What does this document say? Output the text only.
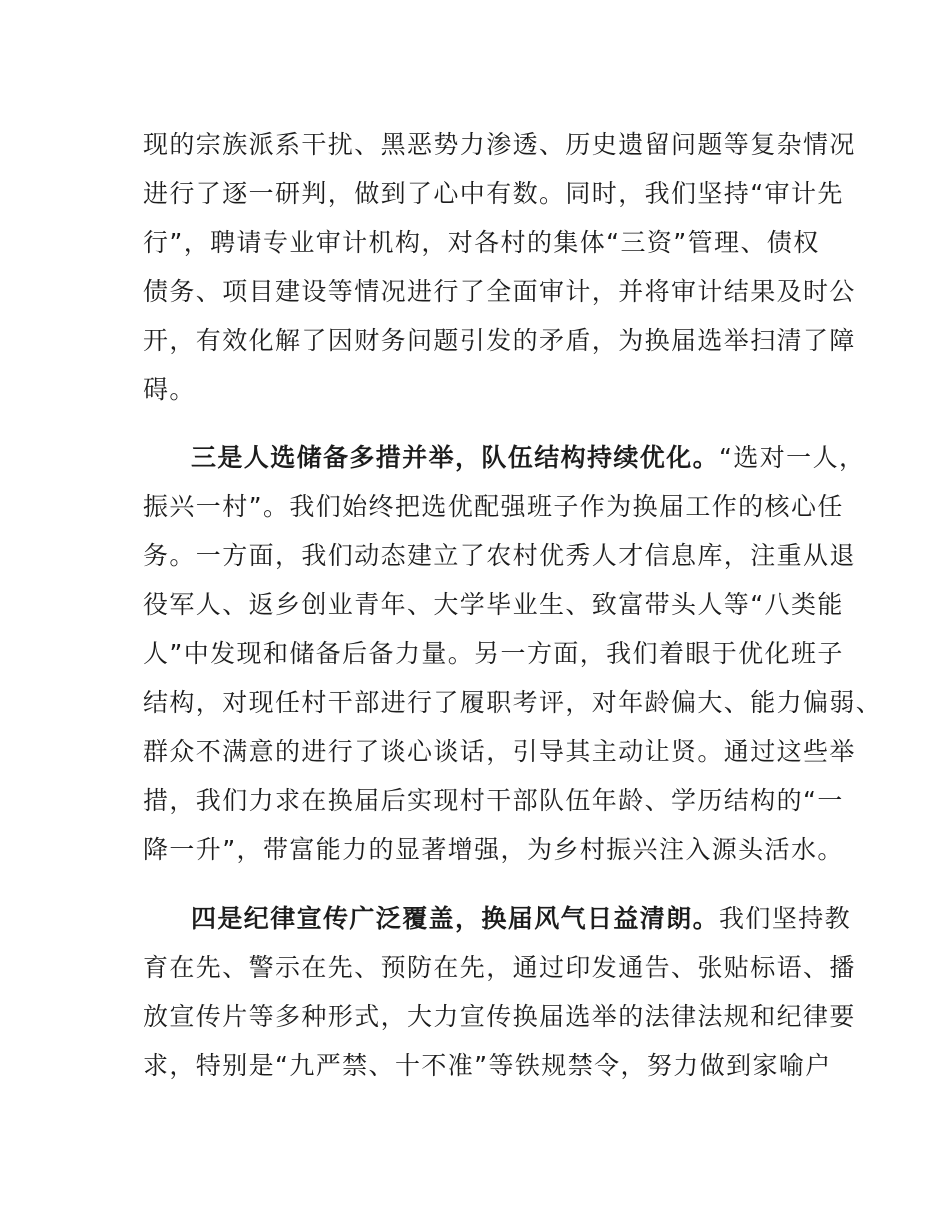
现的宗族派系干扰、黑恶势力渗透、历史遗留问题等复杂情况
进行了逐一研判，做到了心中有数。同时，我们坚持“审计先
行”，聘请专业审计机构，对各村的集体“三资”管理、债权
债务、项目建设等情况进行了全面审计，并将审计结果及时公
开，有效化解了因财务问题引发的矛盾，为换届选举扫清了障
碍。
三是人选储备多措并举，队伍结构持续优化。“选对一人，
振兴一村”。我们始终把选优配强班子作为换届工作的核心任
务。一方面，我们动态建立了农村优秀人才信息库，注重从退
役军人、返乡创业青年、大学毕业生、致富带头人等“八类能
人”中发现和储备后备力量。另一方面，我们着眼于优化班子
结构，对现任村干部进行了履职考评，对年龄偏大、能力偏弱、
群众不满意的进行了谈心谈话，引导其主动让贤。通过这些举
措，我们力求在换届后实现村干部队伍年龄、学历结构的“一
降一升”，带富能力的显著增强，为乡村振兴注入源头活水。
四是纪律宣传广泛覆盖，换届风气日益清朗。我们坚持教
育在先、警示在先、预防在先，通过印发通告、张贴标语、播
放宣传片等多种形式，大力宣传换届选举的法律法规和纪律要
求，特别是“九严禁、十不准”等铁规禁令，努力做到家喻户
